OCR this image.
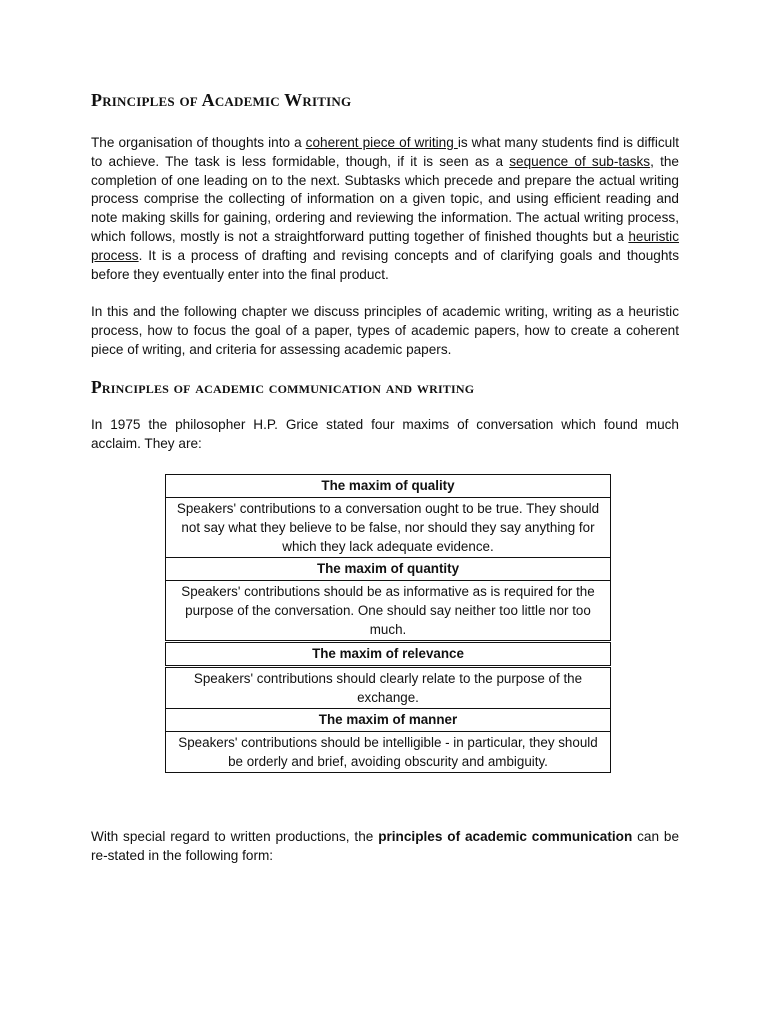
Principles of Academic Writing

The organisation of thoughts into a coherent piece of writing is what many students find is difficult to achieve. The task is less formidable, though, if it is seen as a sequence of sub-tasks, the completion of one leading on to the next. Subtasks which precede and prepare the actual writing process comprise the collecting of information on a given topic, and using efficient reading and note making skills for gaining, ordering and reviewing the information. The actual writing process, which follows, mostly is not a straightforward putting together of finished thoughts but a heuristic process. It is a process of drafting and revising concepts and of clarifying goals and thoughts before they eventually enter into the final product.

In this and the following chapter we discuss principles of academic writing, writing as a heuristic process, how to focus the goal of a paper, types of academic papers, how to create a coherent piece of writing, and criteria for assessing academic papers.

Principles of academic communication and writing

In 1975 the philosopher H.P. Grice stated four maxims of conversation which found much acclaim. They are:

With special regard to written productions, the principles of academic communication can be re-stated in the following form:

The maxim of quality
Speakers' contributions to a conversation ought to be true. They should not say what they believe to be false, nor should they say anything for which they lack adequate evidence.
The maxim of quantity
Speakers' contributions should be as informative as is required for the purpose of the conversation. One should say neither too little nor too much.
The maxim of relevance
Speakers' contributions should clearly relate to the purpose of the exchange.
The maxim of manner
Speakers' contributions should be intelligible - in particular, they should be orderly and brief, avoiding obscurity and ambiguity.
